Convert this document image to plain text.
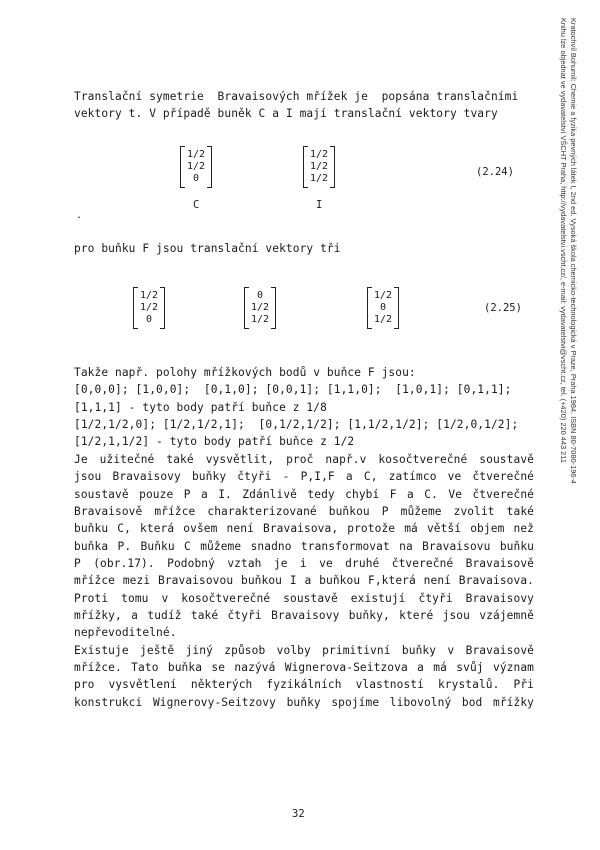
Kratochvíl Bohumil: Chemie a fyzika pevných látek I, 2nd ed. Vysoká škola chemicko-technologická v Praze, Praha 1984. ISBN 80-7080-196-4
Knihu lze objednat ve vydavatelství VŠCHT Praha, http://vydavatelstvi.vscht.cz/, e-mail: vydavatelstvi@vscht.cz, tel. (+420) 220 443 211
Translační symetrie  Bravaisových mřížek je  popsána translačními
vektory t. V případě buněk C a I mají translační vektory tvary
1/2
1/2
0
1/2
1/2
1/2
C	I
(2.24)
.
pro buňku F jsou translační vektory tři
1/2
1/2
0
0
1/2
1/2
1/2
0
1/2
(2.25)
Takže např. polohy mřížkových bodů v buňce F jsou:
[0,0,0]; [1,0,0];  [0,1,0]; [0,0,1]; [1,1,0];  [1,0,1]; [0,1,1];
[1,1,1] - tyto body patří buňce z 1/8
[1/2,1/2,0]; [1/2,1/2,1];  [0,1/2,1/2]; [1,1/2,1/2]; [1/2,0,1/2];
[1/2,1,1/2] - tyto body patří buňce z 1/2
Je užitečné také vysvětlit, proč např.v kosočtverečné soustavě
jsou Bravaisovy buňky čtyři - P,I,F a C, zatímco ve čtverečné
soustavě pouze P a I. Zdánlivě tedy chybí F a C. Ve čtverečné
Bravaisově mřížce charakterizované buňkou P můžeme zvolit také
buňku C, která ovšem není Bravaisova, protože má větší objem než
buňka P. Buňku C můžeme snadno transformovat na Bravaisovu buňku
P (obr.17). Podobný vztah je i ve druhé čtverečné Bravaisově
mřížce mezi Bravaisovou buňkou I a buňkou F,která není Bravaisova.
Proti tomu v kosočtverečné soustavě existují čtyři Bravaisovy
mřížky, a tudíž také čtyři Bravaisovy buňky, které jsou vzájemně
nepřevoditelné.
Existuje ještě jiný způsob volby primitivní buňky v Bravaisově
mřížce. Tato buňka se nazývá Wignerova-Seitzova a má svůj význam
pro vysvětlení některých fyzikálních vlastností krystalů. Při
konstrukci Wignerovy-Seitzovy buňky spojíme libovolný bod mřížky
32
